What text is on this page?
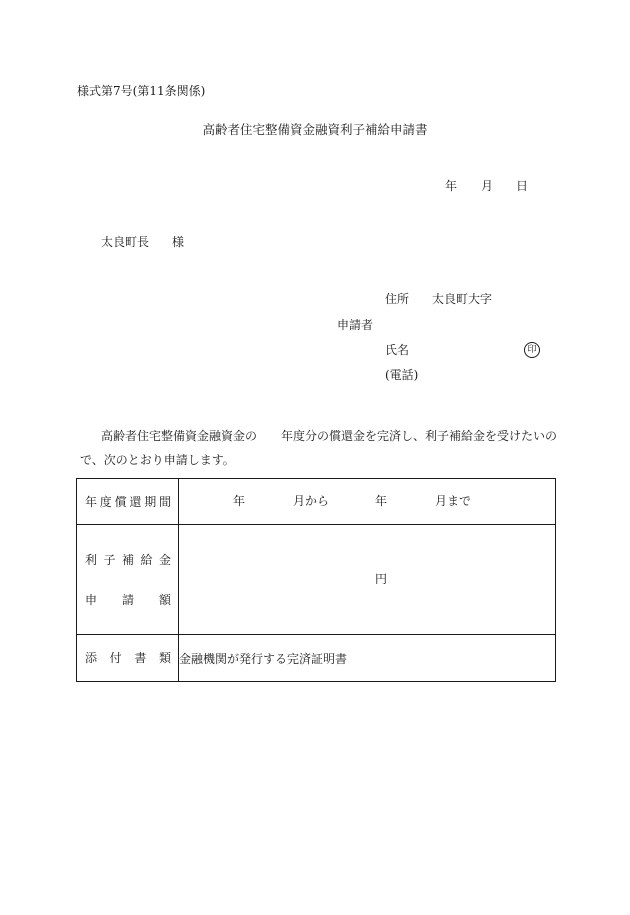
様式第7号(第11条関係)
高齢者住宅整備資金融資利子補給申請書
年 月 日
太良町長 様
住所 太良町大字
申請者
氏名	印
(電話)
高齢者住宅整備資金融資金の　　年度分の償還金を完済し、利子補給金を受けたいの
で、次のとおり申請します。
年度償還期間	年 月から 年 月まで

利子補給金
申請額	円

添付書類	金融機関が発行する完済証明書
